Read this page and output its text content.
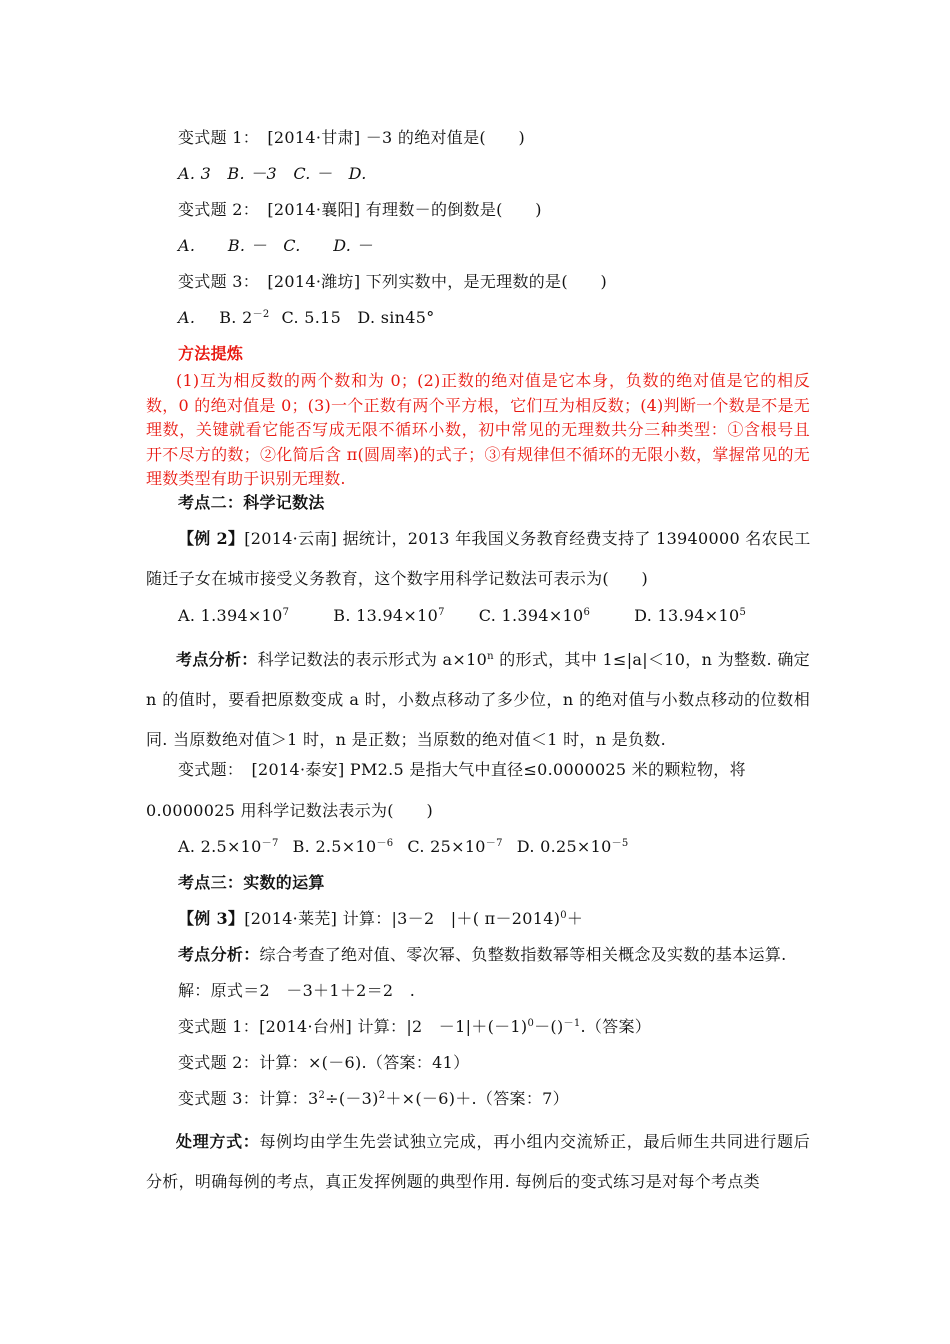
变式题 1：　[2014·甘肃] －3 的绝对值是(　　)
A. 3　B. －3　C. －　D.
变式题 2：　[2014·襄阳] 有理数－的倒数是(　　)
A.　　B. －　C.　　D. －
变式题 3：　[2014·潍坊] 下列实数中，是无理数的是(　　)
A. B. $2^{-2}$ C. 5.15　D. sin45°
方法提炼
(1)互为相反数的两个数和为 0；(2)正数的绝对值是它本身，负数的绝对值是它的相反数，0 的绝对值是 0；(3)一个正数有两个平方根，它们互为相反数；(4)判断一个数是不是无理数，关键就看它能否写成无限不循环小数，初中常见的无理数共分三种类型：①含根号且开不尽方的数；②化简后含 π(圆周率)的式子；③有规律但不循环的无限小数，掌握常见的无理数类型有助于识别无理数.
考点二：科学记数法
【例 2】[2014·云南] 据统计，2013 年我国义务教育经费支持了 13940000 名农民工
随迁子女在城市接受义务教育，这个数字用科学记数法可表示为(　　)
A. $1.394\times 10^7$	B. $13.94\times 10^7$ C. $1.394\times 10^6$	D. $13.94\times 10^5$
考点分析：科学记数法的表示形式为 $a\times 10^n$ 的形式，其中 1≤|a|＜10，n 为整数. 确定 n 的值时，要看把原数变成 a 时，小数点移动了多少位，n 的绝对值与小数点移动的位数相同. 当原数绝对值＞1 时，n 是正数；当原数的绝对值＜1 时，n 是负数.
变式题：　[2014·泰安] PM2.5 是指大气中直径≤0.0000025 米的颗粒物，将
0.0000025 用科学记数法表示为(　　)
A. $2.5\times 10^{-7}$ B. $2.5\times 10^{-6}$ C. $25\times 10^{-7}$ D. $0.25\times 10^{-5}$
考点三：实数的运算
【例 3】[2014·莱芜] 计算：|3－2　|＋( π－2014)$^0$＋
考点分析：综合考查了绝对值、零次幂、负整数指数幂等相关概念及实数的基本运算.
解：原式＝2　－3＋1＋2＝2　.
变式题 1：[2014·台州] 计算：|2　$-1|+(-1)^0-()^{-1}$.（答案）
变式题 2：计算：×(－6).（答案：41）
变式题 3：计算：$3^2\div(-3)^2+\times(-6)+$.（答案：7）
处理方式：每例均由学生先尝试独立完成，再小组内交流矫正，最后师生共同进行题后分析，明确每例的考点，真正发挥例题的典型作用. 每例后的变式练习是对每个考点类
